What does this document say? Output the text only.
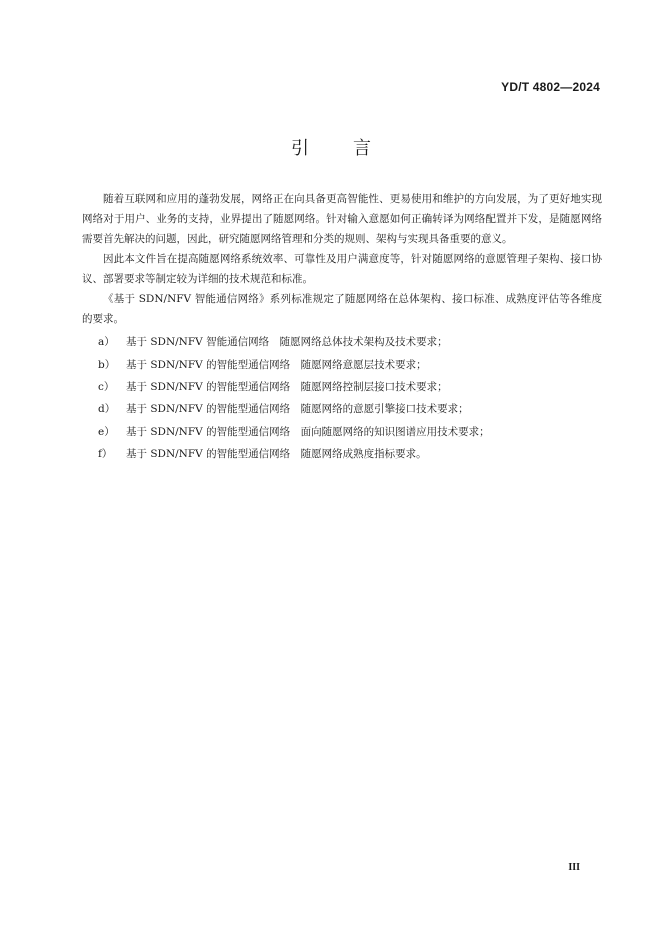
YD/T 4802—2024
引言

随着互联网和应用的蓬勃发展，网络正在向具备更高智能性、更易使用和维护的方向发展，为了更好地实现网络对于用户、业务的支持，业界提出了随愿网络。针对输入意愿如何正确转译为网络配置并下发，是随愿网络需要首先解决的问题，因此，研究随愿网络管理和分类的规则、架构与实现具备重要的意义。

因此本文件旨在提高随愿网络系统效率、可靠性及用户满意度等，针对随愿网络的意愿管理子架构、接口协议、部署要求等制定较为详细的技术规范和标准。

《基于 SDN/NFV 智能通信网络》系列标准规定了随愿网络在总体架构、接口标准、成熟度评估等各维度的要求。

a）	基于 SDN/NFV 智能通信网络　随愿网络总体技术架构及技术要求；
b）	基于 SDN/NFV 的智能型通信网络　随愿网络意愿层技术要求；
c）	基于 SDN/NFV 的智能型通信网络　随愿网络控制层接口技术要求；
d）	基于 SDN/NFV 的智能型通信网络　随愿网络的意愿引擎接口技术要求；
e）	基于 SDN/NFV 的智能型通信网络　面向随愿网络的知识图谱应用技术要求；
f）	基于 SDN/NFV 的智能型通信网络　随愿网络成熟度指标要求。
III
